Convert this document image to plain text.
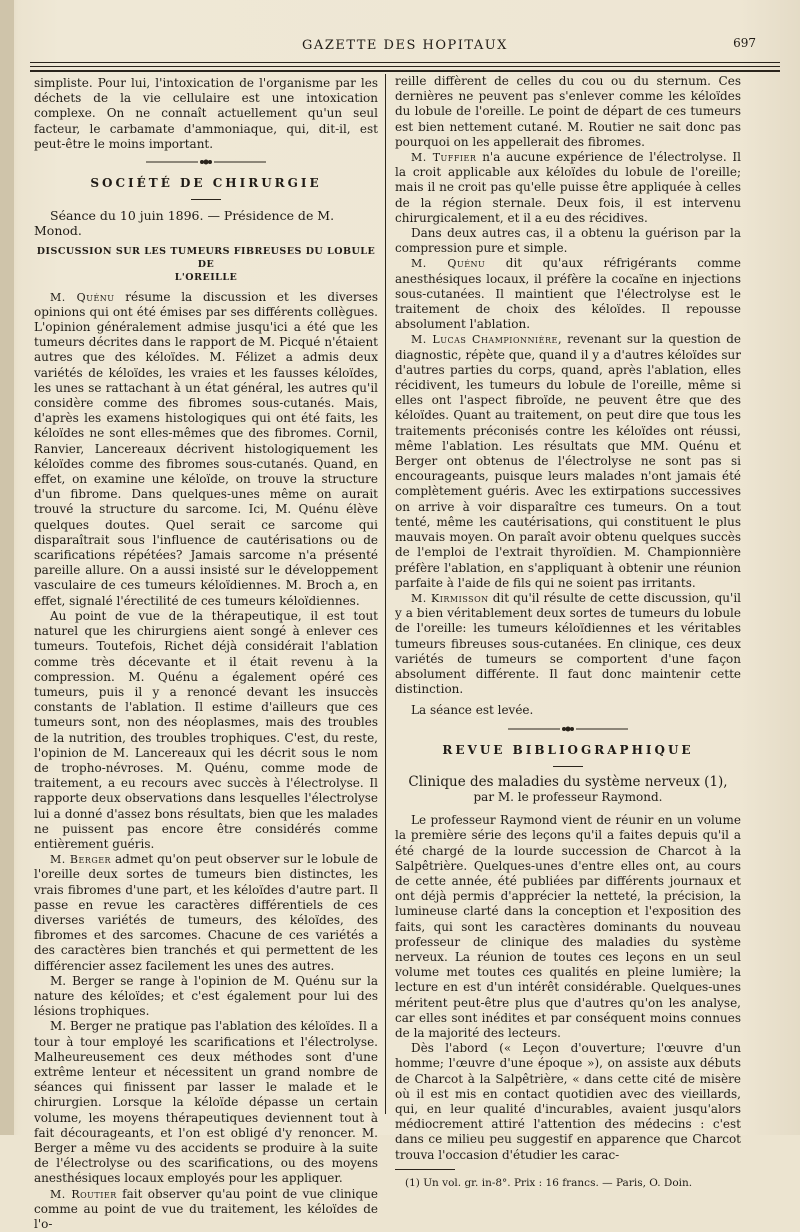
GAZETTE DES HOPITAUX	697

simpliste. Pour lui, l'intoxication de l'organisme par les déchets de la vie cellulaire est une intoxication complexe. On ne connaît actuellement qu'un seul facteur, le carbamate d'ammoniaque, qui, dit-il, est peut-être le moins important.

SOCIÉTÉ DE CHIRURGIE

Séance du 10 juin 1896. — Présidence de M. Monod.

DISCUSSION SUR LES TUMEURS FIBREUSES DU LOBULE DE
L'OREILLE

M. Quénu résume la discussion et les diverses opinions qui ont été émises par ses différents collègues. L'opinion généralement admise jusqu'ici a été que les tumeurs décrites dans le rapport de M. Picqué n'étaient autres que des kéloïdes. M. Félizet a admis deux variétés de kéloïdes, les vraies et les fausses kéloïdes, les unes se rattachant à un état général, les autres qu'il considère comme des fibromes sous-cutanés. Mais, d'après les examens histologiques qui ont été faits, les kéloïdes ne sont elles-mêmes que des fibromes. Cornil, Ranvier, Lancereaux décrivent histologiquement les kéloïdes comme des fibromes sous-cutanés. Quand, en effet, on examine une kéloïde, on trouve la structure d'un fibrome. Dans quelques-unes même on aurait trouvé la structure du sarcome. Ici, M. Quénu élève quelques doutes. Quel serait ce sarcome qui disparaîtrait sous l'influence de cautérisations ou de scarifications répétées? Jamais sarcome n'a présenté pareille allure. On a aussi insisté sur le développement vasculaire de ces tumeurs kéloïdiennes. M. Broch a, en effet, signalé l'érectilité de ces tumeurs kéloïdiennes.

Au point de vue de la thérapeutique, il est tout naturel que les chirurgiens aient songé à enlever ces tumeurs. Toutefois, Richet déjà considérait l'ablation comme très décevante et il était revenu à la compression. M. Quénu a également opéré ces tumeurs, puis il y a renoncé devant les insuccès constants de l'ablation. Il estime d'ailleurs que ces tumeurs sont, non des néoplasmes, mais des troubles de la nutrition, des troubles trophiques. C'est, du reste, l'opinion de M. Lancereaux qui les décrit sous le nom de tropho-névroses. M. Quénu, comme mode de traitement, a eu recours avec succès à l'électrolyse. Il rapporte deux observations dans lesquelles l'électrolyse lui a donné d'assez bons résultats, bien que les malades ne puissent pas encore être considérés comme entièrement guéris.

M. Berger admet qu'on peut observer sur le lobule de l'oreille deux sortes de tumeurs bien distinctes, les vrais fibromes d'une part, et les kéloïdes d'autre part. Il passe en revue les caractères différentiels de ces diverses variétés de tumeurs, des kéloïdes, des fibromes et des sarcomes. Chacune de ces variétés a des caractères bien tranchés et qui permettent de les différencier assez facilement les unes des autres.

M. Berger se range à l'opinion de M. Quénu sur la nature des kéloïdes; et c'est également pour lui des lésions trophiques.

M. Berger ne pratique pas l'ablation des kéloïdes. Il a tour à tour employé les scarifications et l'électrolyse. Malheureusement ces deux méthodes sont d'une extrême lenteur et nécessitent un grand nombre de séances qui finissent par lasser le malade et le chirurgien. Lorsque la kéloïde dépasse un certain volume, les moyens thérapeutiques deviennent tout à fait décourageants, et l'on est obligé d'y renoncer. M. Berger a même vu des accidents se produire à la suite de l'électrolyse ou des scarifications, ou des moyens anesthésiques locaux employés pour les appliquer.

M. Routier fait observer qu'au point de vue clinique comme au point de vue du traitement, les kéloïdes de l'o-

reille diffèrent de celles du cou ou du sternum. Ces dernières ne peuvent pas s'enlever comme les kéloïdes du lobule de l'oreille. Le point de départ de ces tumeurs est bien nettement cutané. M. Routier ne sait donc pas pourquoi on les appellerait des fibromes.

M. Tuffier n'a aucune expérience de l'électrolyse. Il la croit applicable aux kéloïdes du lobule de l'oreille; mais il ne croit pas qu'elle puisse être appliquée à celles de la région sternale. Deux fois, il est intervenu chirurgicalement, et il a eu des récidives.

Dans deux autres cas, il a obtenu la guérison par la compression pure et simple.

M. Quénu dit qu'aux réfrigérants comme anesthésiques locaux, il préfère la cocaïne en injections sous-cutanées. Il maintient que l'électrolyse est le traitement de choix des kéloïdes. Il repousse absolument l'ablation.

M. Lucas Championnière, revenant sur la question de diagnostic, répète que, quand il y a d'autres kéloïdes sur d'autres parties du corps, quand, après l'ablation, elles récidivent, les tumeurs du lobule de l'oreille, même si elles ont l'aspect fibroïde, ne peuvent être que des kéloïdes. Quant au traitement, on peut dire que tous les traitements préconisés contre les kéloïdes ont réussi, même l'ablation. Les résultats que MM. Quénu et Berger ont obtenus de l'électrolyse ne sont pas si encourageants, puisque leurs malades n'ont jamais été complètement guéris. Avec les extirpations successives on arrive à voir disparaître ces tumeurs. On a tout tenté, même les cautérisations, qui constituent le plus mauvais moyen. On paraît avoir obtenu quelques succès de l'emploi de l'extrait thyroïdien. M. Championnière préfère l'ablation, en s'appliquant à obtenir une réunion parfaite à l'aide de fils qui ne soient pas irritants.

M. Kirmisson dit qu'il résulte de cette discussion, qu'il y a bien véritablement deux sortes de tumeurs du lobule de l'oreille: les tumeurs kéloïdiennes et les véritables tumeurs fibreuses sous-cutanées. En clinique, ces deux variétés de tumeurs se comportent d'une façon absolument différente. Il faut donc maintenir cette distinction.

La séance est levée.

REVUE BIBLIOGRAPHIQUE
Clinique des maladies du système nerveux (1),
par M. le professeur Raymond.

Le professeur Raymond vient de réunir en un volume la première série des leçons qu'il a faites depuis qu'il a été chargé de la lourde succession de Charcot à la Salpêtrière. Quelques-unes d'entre elles ont, au cours de cette année, été publiées par différents journaux et ont déjà permis d'apprécier la netteté, la précision, la lumineuse clarté dans la conception et l'exposition des faits, qui sont les caractères dominants du nouveau professeur de clinique des maladies du système nerveux. La réunion de toutes ces leçons en un seul volume met toutes ces qualités en pleine lumière; la lecture en est d'un intérêt considérable. Quelques-unes méritent peut-être plus que d'autres qu'on les analyse, car elles sont inédites et par conséquent moins connues de la majorité des lecteurs.

Dès l'abord (« Leçon d'ouverture; l'œuvre d'un homme; l'œuvre d'une époque »), on assiste aux débuts de Charcot à la Salpêtrière, « dans cette cité de misère où il est mis en contact quotidien avec des vieillards, qui, en leur qualité d'incurables, avaient jusqu'alors médiocrement attiré l'attention des médecins : c'est dans ce milieu peu suggestif en apparence que Charcot trouva l'occasion d'étudier les carac-

(1) Un vol. gr. in-8°. Prix : 16 francs. — Paris, O. Doin.
